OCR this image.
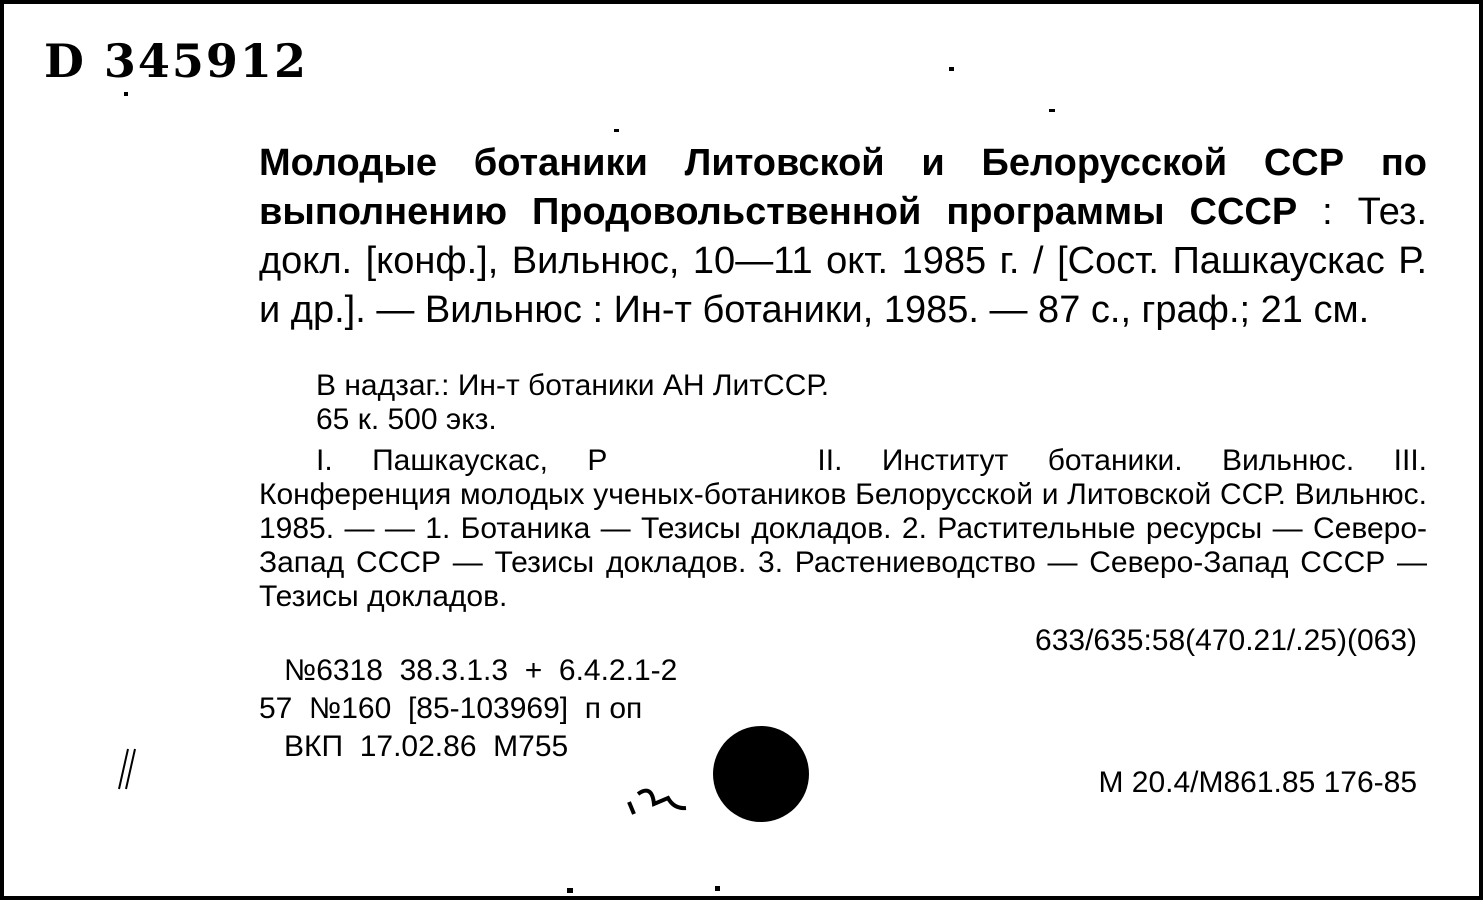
D 345912
Молодые ботаники Литовской и Белорусской ССР по выполнению Продовольственной программы СССР : Тез. докл. [конф.], Вильнюс, 10—11 окт. 1985 г. / [Сост. Пашкаускас Р. и др.]. — Вильнюс : Ин-т ботаники, 1985. — 87 с., граф.; 21 см.
В надзаг.: Ин-т ботаники АН ЛитССР.
65 к. 500 экз.
I. Пашкаускас, Р	II. Институт ботаники. Вильнюс. III. Конференция молодых ученых-ботаников Белорусской и Литовской ССР. Вильнюс. 1985. — — 1. Ботаника — Тезисы докладов. 2. Растительные ресурсы — Северо-Запад СССР — Тезисы докладов. 3. Растениеводство — Северо-Запад СССР — Тезисы докладов.
633/635:58(470.21/.25)(063)
№6318  38.3.1.3  +  6.4.2.1-2
57  №160  [85-103969]  п оп
ВКП  17.02.86  М755
М 20.4/М861.85 176-85
